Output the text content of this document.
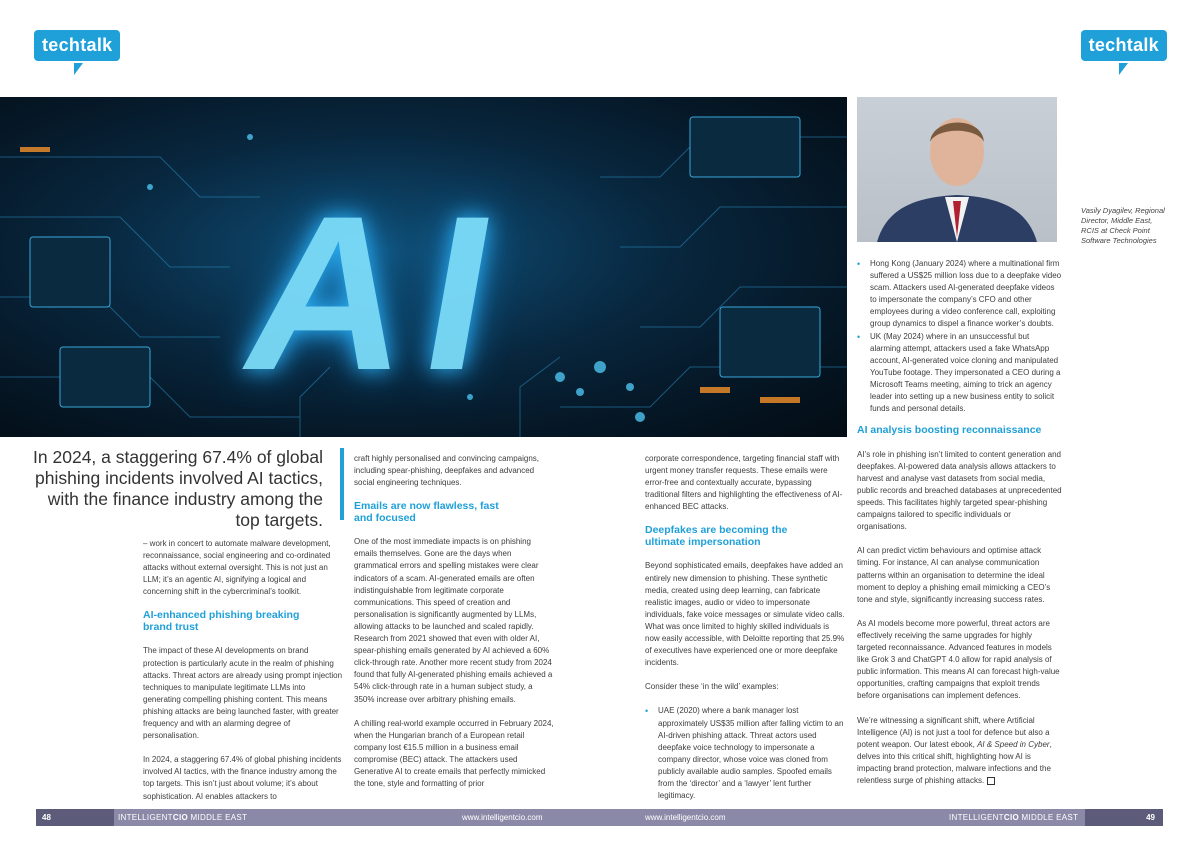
techtalk	techtalk
AI	Vasily Dyagilev, Regional Director, Middle East, RCIS at Check Point Software Technologies
In 2024, a staggering 67.4% of global phishing incidents involved AI tactics, with the finance industry among the top targets.

– work in concert to automate malware development, reconnaissance, social engineering and co-ordinated attacks without external oversight. This is not just an LLM; it’s an agentic AI, signifying a logical and concerning shift in the cybercriminal’s toolkit.

AI-enhanced phishing breaking brand trust

The impact of these AI developments on brand protection is particularly acute in the realm of phishing attacks. Threat actors are already using prompt injection techniques to manipulate legitimate LLMs into generating compelling phishing content. This means phishing attacks are being launched faster, with greater frequency and with an alarming degree of personalisation.

In 2024, a staggering 67.4% of global phishing incidents involved AI tactics, with the finance industry among the top targets. This isn’t just about volume; it’s about sophistication. AI enables attackers to

craft highly personalised and convincing campaigns, including spear-phishing, deepfakes and advanced social engineering techniques.

Emails are now flawless, fast and focused

One of the most immediate impacts is on phishing emails themselves. Gone are the days when grammatical errors and spelling mistakes were clear indicators of a scam. AI-generated emails are often indistinguishable from legitimate corporate communications. This speed of creation and personalisation is significantly augmented by LLMs, allowing attacks to be launched and scaled rapidly. Research from 2021 showed that even with older AI, spear-phishing emails generated by AI achieved a 60% click-through rate. Another more recent study from 2024 found that fully AI-generated phishing emails achieved a 54% click-through rate in a human subject study, a 350% increase over arbitrary phishing emails.

A chilling real-world example occurred in February 2024, when the Hungarian branch of a European retail company lost €15.5 million in a business email compromise (BEC) attack. The attackers used Generative AI to create emails that perfectly mimicked the tone, style and formatting of prior

corporate correspondence, targeting financial staff with urgent money transfer requests. These emails were error-free and contextually accurate, bypassing traditional filters and highlighting the effectiveness of AI-enhanced BEC attacks.

Deepfakes are becoming the ultimate impersonation

Beyond sophisticated emails, deepfakes have added an entirely new dimension to phishing. These synthetic media, created using deep learning, can fabricate realistic images, audio or video to impersonate individuals, fake voice messages or simulate video calls. What was once limited to highly skilled individuals is now easily accessible, with Deloitte reporting that 25.9% of executives have experienced one or more deepfake incidents.

Consider these ‘in the wild’ examples:

• UAE (2020) where a bank manager lost approximately US$35 million after falling victim to an AI-driven phishing attack. Threat actors used deepfake voice technology to impersonate a company director, whose voice was cloned from publicly available audio samples. Spoofed emails from the ‘director’ and a ‘lawyer’ lent further legitimacy.
• Hong Kong (January 2024) where a multinational firm suffered a US$25 million loss due to a deepfake video scam. Attackers used AI-generated deepfake videos to impersonate the company’s CFO and other employees during a video conference call, exploiting group dynamics to dispel a finance worker’s doubts.
• UK (May 2024) where in an unsuccessful but alarming attempt, attackers used a fake WhatsApp account, AI-generated voice cloning and manipulated YouTube footage. They impersonated a CEO during a Microsoft Teams meeting, aiming to trick an agency leader into setting up a new business entity to solicit funds and personal details.
AI analysis boosting reconnaissance

AI’s role in phishing isn’t limited to content generation and deepfakes. AI-powered data analysis allows attackers to harvest and analyse vast datasets from social media, public records and breached databases at unprecedented speeds. This facilitates highly targeted spear-phishing campaigns tailored to specific individuals or organisations.

AI can predict victim behaviours and optimise attack timing. For instance, AI can analyse communication patterns within an organisation to determine the ideal moment to deploy a phishing email mimicking a CEO’s tone and style, significantly increasing success rates.

As AI models become more powerful, threat actors are effectively receiving the same upgrades for highly targeted reconnaissance. Advanced features in models like Grok 3 and ChatGPT 4.0 allow for rapid analysis of public information. This means AI can forecast high-value opportunities, crafting campaigns that exploit trends before organisations can implement defences.

We’re witnessing a significant shift, where Artificial Intelligence (AI) is not just a tool for defence but also a potent weapon. Our latest ebook, AI & Speed in Cyber, delves into this critical shift, highlighting how AI is impacting brand protection, malware infections and the relentless surge of phishing attacks.

48	INTELLIGENTCIO MIDDLE EAST	www.intelligentcio.com	www.intelligentcio.com	INTELLIGENTCIO MIDDLE EAST	49
